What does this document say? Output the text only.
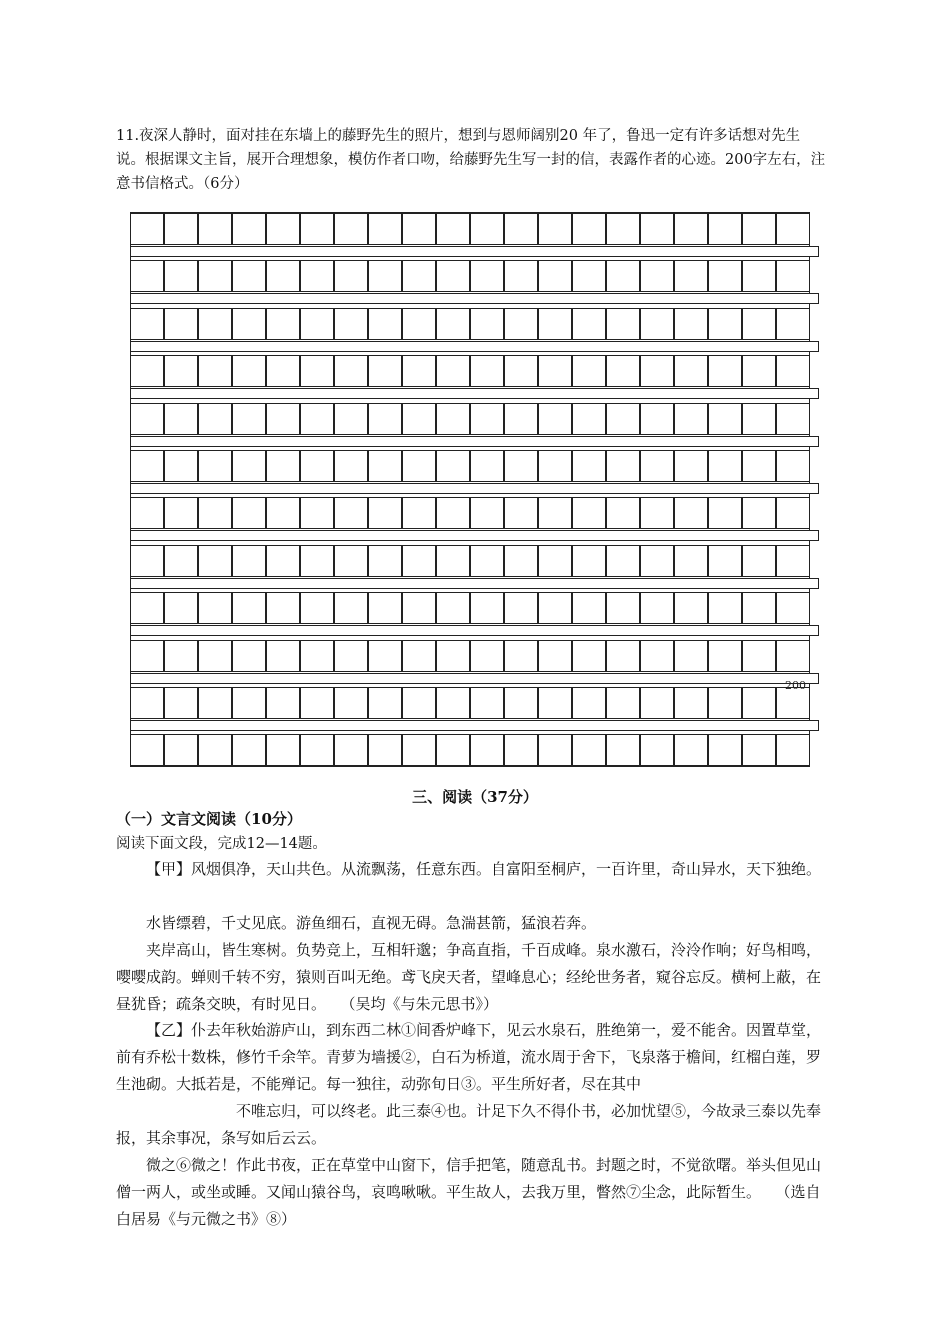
11.夜深人静时，面对挂在东墙上的藤野先生的照片，想到与恩师阔别20 年了，鲁迅一定有许多话想对先生说。根据课文主旨，展开合理想象，模仿作者口吻，给藤野先生写一封的信，表露作者的心迹。200字左右，注意书信格式。（6分）
200
三、阅读（37分）
（一）文言文阅读（10分）
阅读下面文段，完成12—14题。
【甲】风烟俱净，天山共色。从流飘荡，任意东西。自富阳至桐庐，一百许里，奇山异水，天下独绝。
水皆缥碧，千丈见底。游鱼细石，直视无碍。急湍甚箭，猛浪若奔。
夹岸高山，皆生寒树。负势竞上，互相轩邈；争高直指，千百成峰。泉水激石，泠泠作响；好鸟相鸣，嘤嘤成韵。蝉则千转不穷，猿则百叫无绝。鸢飞戾天者，望峰息心；经纶世务者，窥谷忘反。横柯上蔽，在昼犹昏；疏条交映，有时见日。 （吴均《与朱元思书》）
【乙】仆去年秋始游庐山，到东西二林①间香炉峰下，见云水泉石，胜绝第一，爱不能舍。因置草堂，前有乔松十数株，修竹千余竿。青萝为墙援②，白石为桥道，流水周于舍下，飞泉落于檐间，红榴白莲，罗生池砌。大抵若是，不能殚记。每一独往，动弥旬日③。平生所好者，尽在其中
不唯忘归，可以终老。此三泰④也。计足下久不得仆书，必加忧望⑤，今故录三泰以先奉报，其余事况，条写如后云云。
微之⑥微之！作此书夜，正在草堂中山窗下，信手把笔，随意乱书。封题之时，不觉欲曙。举头但见山僧一两人，或坐或睡。又闻山猿谷鸟，哀鸣啾啾。平生故人，去我万里，瞥然⑦尘念，此际暂生。 （选自白居易《与元微之书》⑧）
